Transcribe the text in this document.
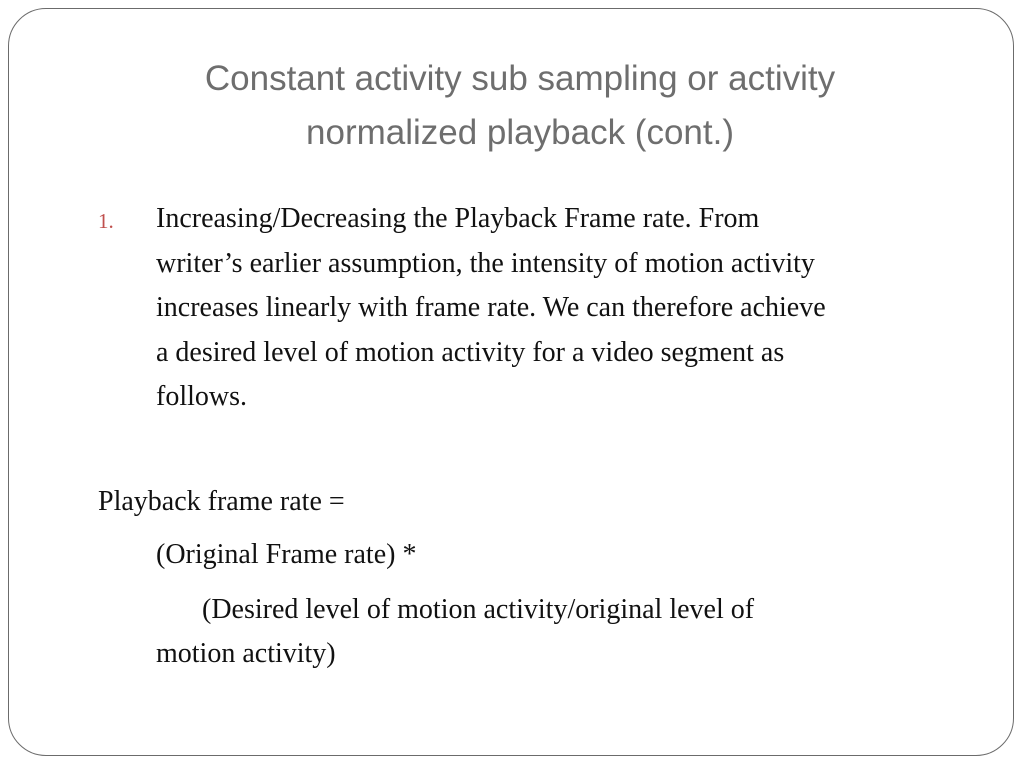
Constant activity sub sampling or activity
normalized playback (cont.)
1. Increasing/Decreasing the Playback Frame rate. From
writer’s earlier assumption, the intensity of motion activity
increases linearly with frame rate. We can therefore achieve
a desired level of motion activity for a video segment as
follows.
Playback frame rate =
(Original Frame rate) *
(Desired level of motion activity/original level of
motion activity)
